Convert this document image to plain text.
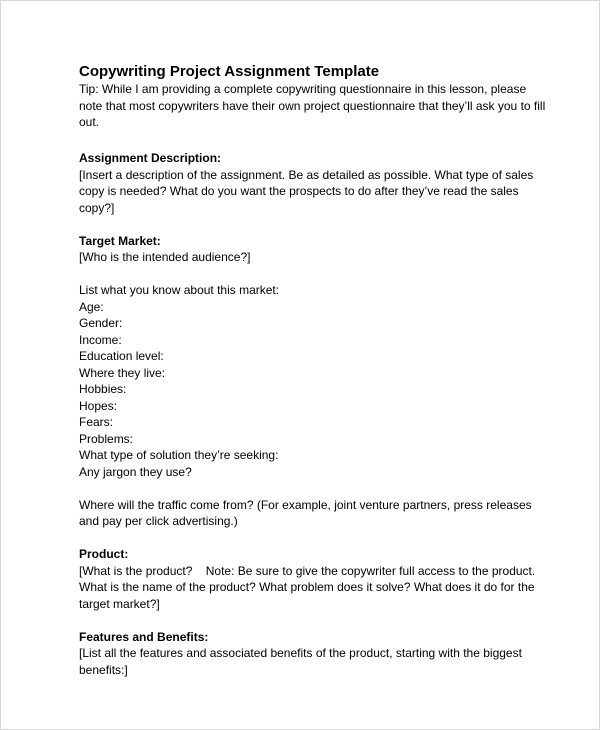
Copywriting Project Assignment Template

Tip: While I am providing a complete copywriting questionnaire in this lesson, please note that most copywriters have their own project questionnaire that they’ll ask you to fill out.

Assignment Description:

[Insert a description of the assignment. Be as detailed as possible. What type of sales copy is needed? What do you want the prospects to do after they’ve read the sales copy?]

Target Market:

[Who is the intended audience?]

List what you know about this market:

Age:

Gender:

Income:

Education level:

Where they live:

Hobbies:

Hopes:

Fears:

Problems:

What type of solution they’re seeking:

Any jargon they use?

Where will the traffic come from? (For example, joint venture partners, press releases and pay per click advertising.)

Product:

[What is the product?    Note: Be sure to give the copywriter full access to the product. What is the name of the product? What problem does it solve? What does it do for the target market?]

Features and Benefits:

[List all the features and associated benefits of the product, starting with the biggest benefits:]
